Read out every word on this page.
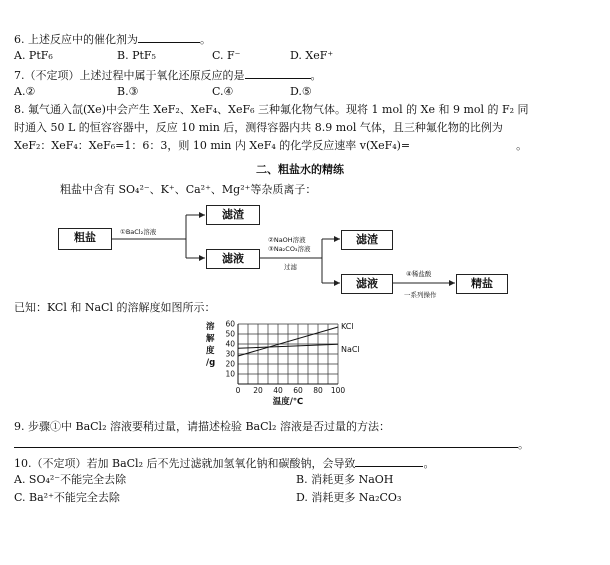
6. 上述反应中的催化剂为	。
A. PtF₆	B. PtF₅	C. F⁻	D. XeF⁺
7.（不定项）上述过程中属于氧化还原反应的是	。
A.②	B.③	C.④	D.⑤
8. 氟气通入氙(Xe)中会产生 XeF₂、XeF₄、XeF₆ 三种氟化物气体。现将 1 mol 的 Xe 和 9 mol 的 F₂ 同
时通入 50 L 的恒容容器中，反应 10 min 后，测得容器内共 8.9 mol 气体，且三种氟化物的比例为
XeF₂：XeF₄：XeF₆=1：6：3，则 10 min 内 XeF₄ 的化学反应速率 v(XeF₄)=	。
二、粗盐水的精练
粗盐中含有 SO₄²⁻、K⁺、Ca²⁺、Mg²⁺等杂质离子：
粗盐
滤渣
滤液
滤渣
滤液	精盐
①BaCl₂溶液
②NaOH溶液
③Na₂CO₃溶液
过滤
④稀盐酸
一系列操作
已知：KCl 和 NaCl 的溶解度如图所示：
10
20
30
40
50
60
0 20 40 60 80 100
溶
解
度
/g
温度/℃
KCl
NaCl
9. 步骤①中 BaCl₂ 溶液要稍过量，请描述检验 BaCl₂ 溶液是否过量的方法：
。
10.（不定项）若加 BaCl₂ 后不先过滤就加氢氧化钠和碳酸钠，会导致	。
A. SO₄²⁻不能完全去除	B. 消耗更多 NaOH
C. Ba²⁺不能完全去除	D. 消耗更多 Na₂CO₃
